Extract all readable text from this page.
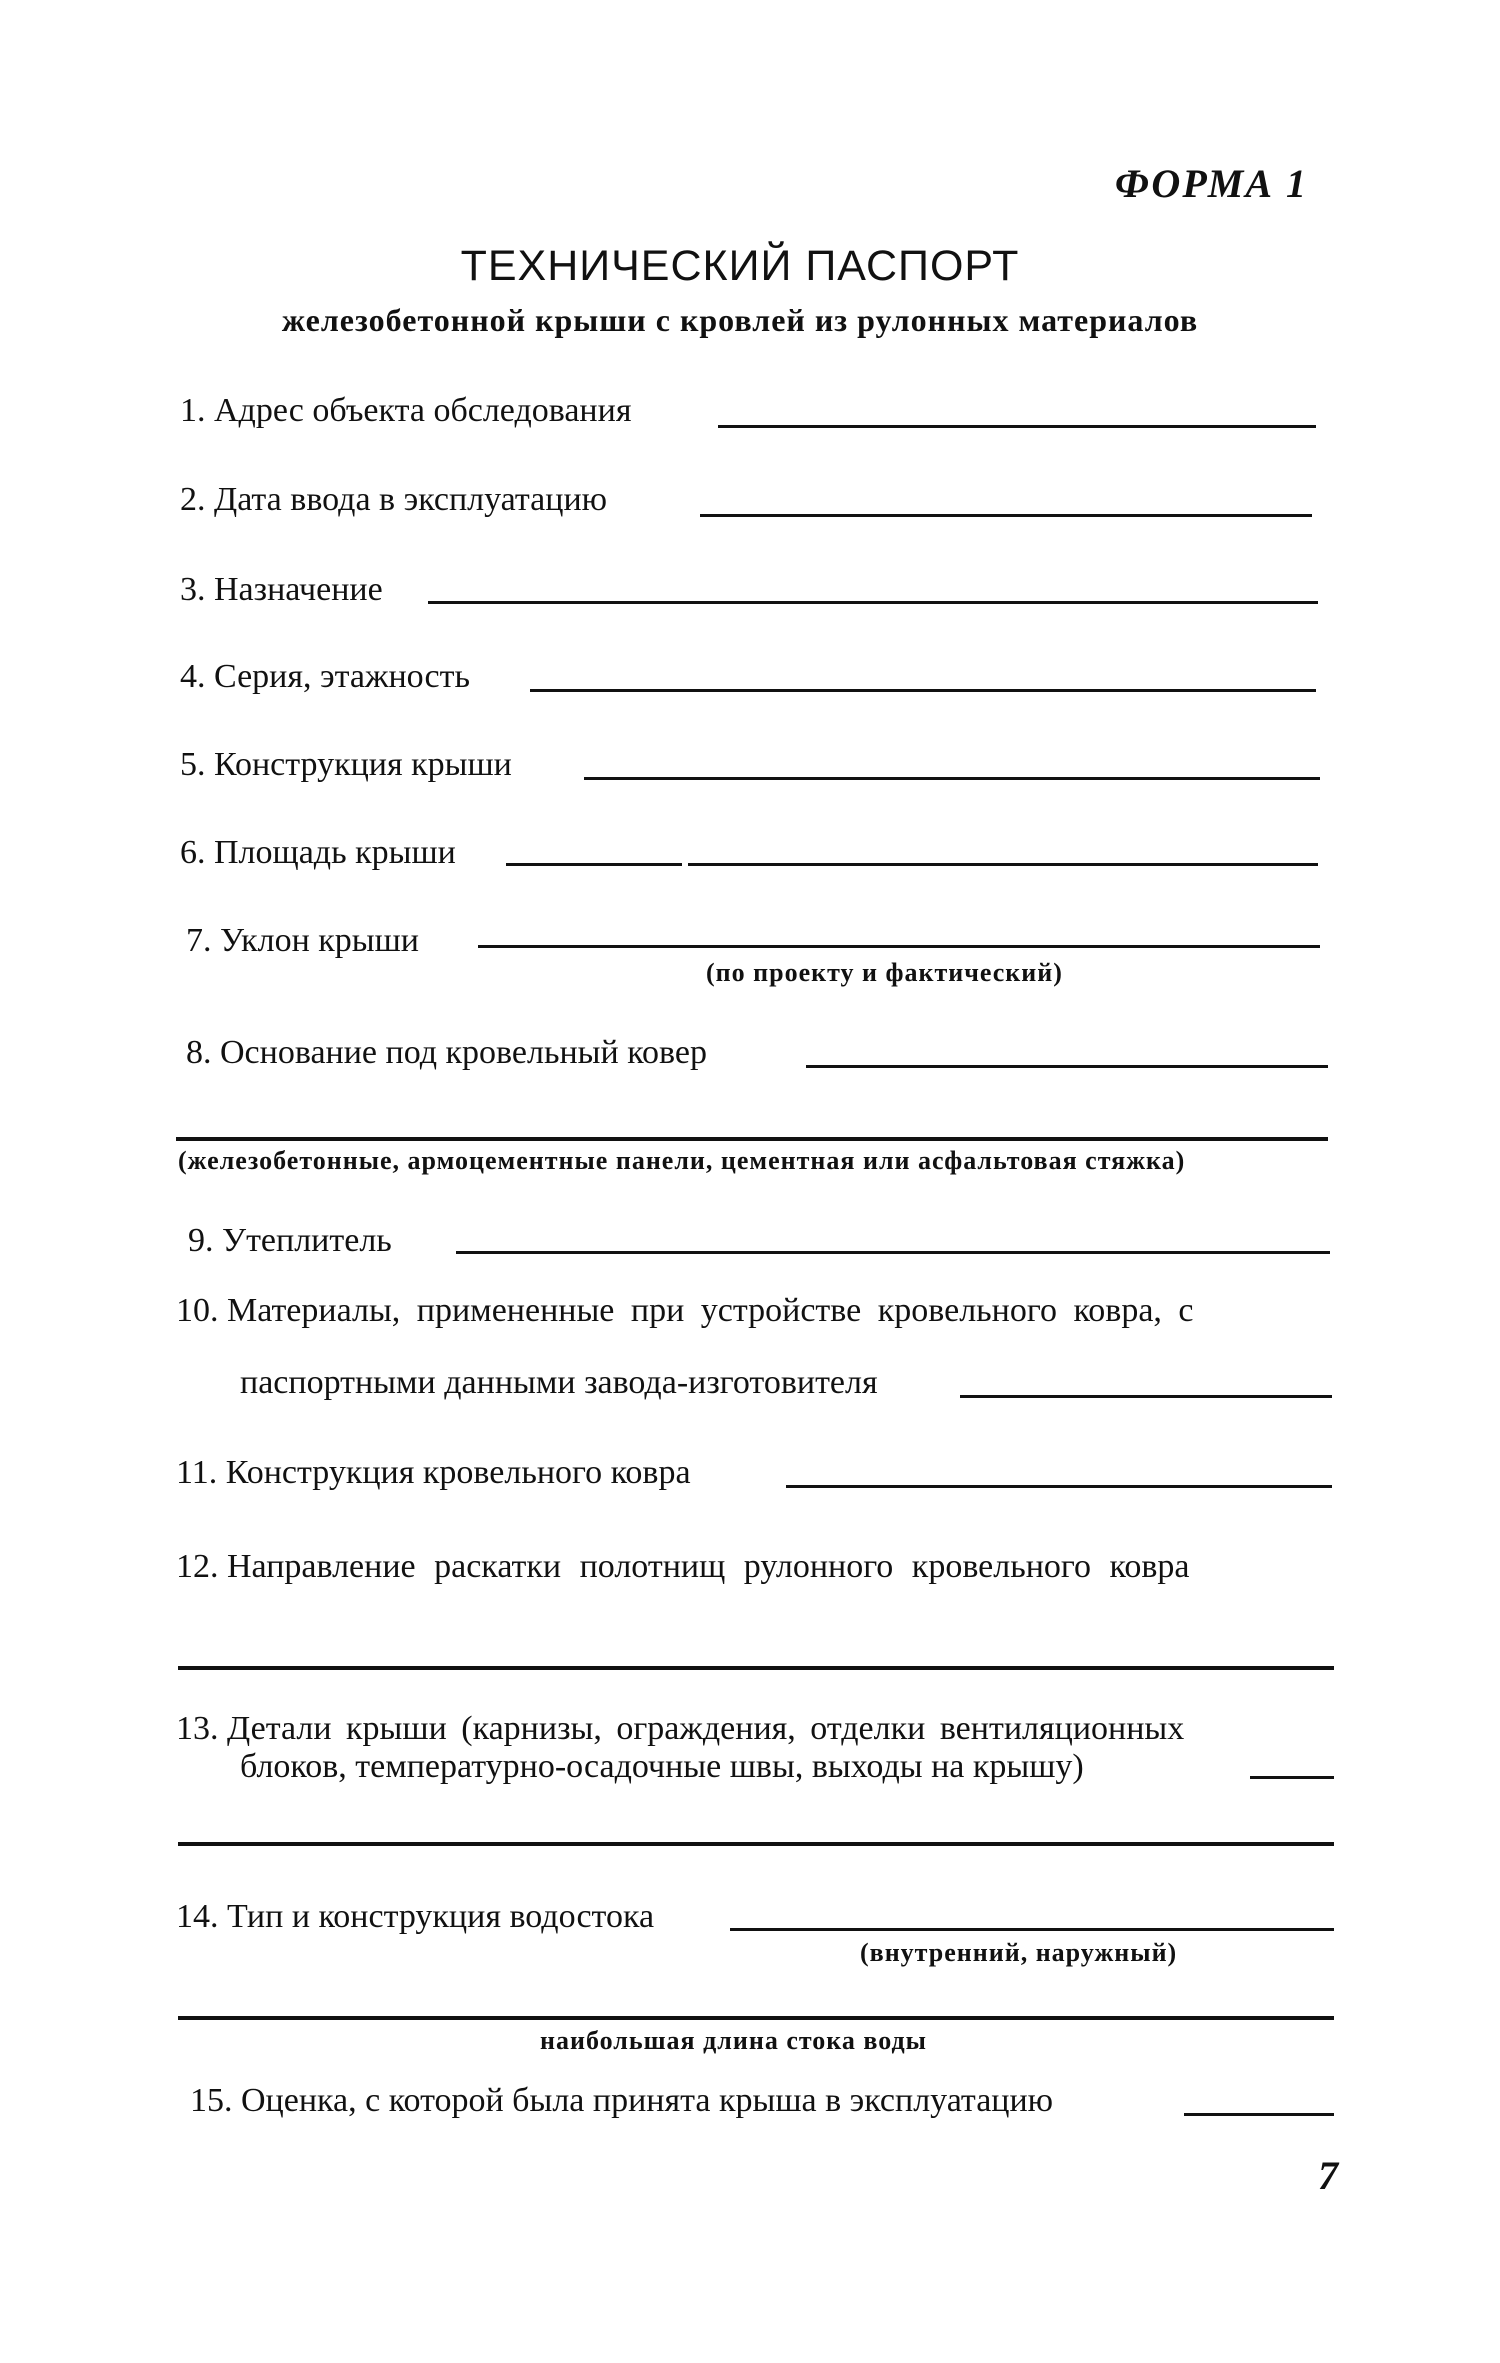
ФОРМА 1
ТЕХНИЧЕСКИЙ ПАСПОРТ
железобетонной крыши с кровлей из рулонных материалов
1. Адрес объекта обследования
2. Дата ввода в эксплуатацию
3. Назначение
4. Серия, этажность
5. Конструкция крыши
6. Площадь крыши
7. Уклон крыши
(по проекту и фактический)
8. Основание под кровельный ковер
(железобетонные, армоцементные панели, цементная или асфальтовая стяжка)
9. Утеплитель
10. Материалы, примененные при устройстве кровельного ковра, с
паспортными данными завода-изготовителя
11. Конструкция кровельного ковра
12. Направление раскатки полотнищ рулонного кровельного ковра
13. Детали крыши (карнизы, ограждения, отделки вентиляционных
блоков, температурно-осадочные швы, выходы на крышу)
14. Тип и конструкция водостока
(внутренний, наружный)
наибольшая длина стока воды
15. Оценка, с которой была принята крыша в эксплуатацию
7
